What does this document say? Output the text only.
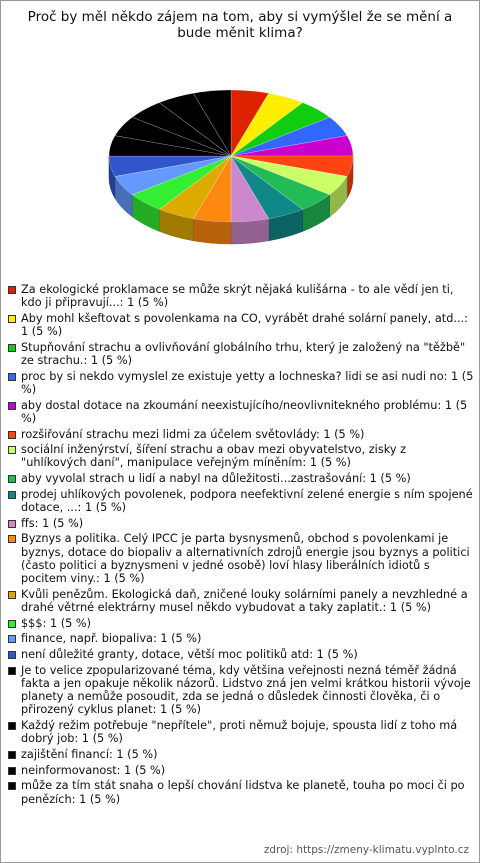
Proč by měl někdo zájem na tom, aby si vymýšlel že se mění a bude měnit klima?
Za ekologické proklamace se může skrýt nějaká kulišárna - to ale vědí jen ti, kdo ji připravují...: 1 (5 %)
Aby mohl kšeftovat s povolenkama na CO, vyrábět drahé solární panely, atd...: 1 (5 %)
Stupňování strachu a ovlivňování globálního trhu, který je založený na "těžbě" ze strachu.: 1 (5 %)
proc by si nekdo vymyslel ze existuje yetty a lochneska? lidi se asi nudi no: 1 (5 %)
aby dostal dotace na zkoumání neexistujícího/neovlivnitekného problému: 1 (5 %)
rozšiřování strachu mezi lidmi za účelem světovlády: 1 (5 %)
sociální inženýrství, šíření strachu a obav mezi obyvatelstvo, zisky z "uhlíkových daní", manipulace veřejným míněním: 1 (5 %)
aby vyvolal strach u lidí a nabyl na důležitosti...zastrašování: 1 (5 %)
prodej uhlíkových povolenek, podpora neefektivní zelené energie s ním spojené dotace, ...: 1 (5 %)
ffs: 1 (5 %)
Byznys a politika. Celý IPCC je parta bysnysmenů, obchod s povolenkami je byznys, dotace do biopaliv a alternativních zdrojů energie jsou byznys a politici (často politici a byznysmeni v jedné osobě) loví hlasy liberálních idiotů s pocitem viny.: 1 (5 %)
Kvůli penězům. Ekologická daň, zničené louky solárními panely a nevzhledné a drahé větrné elektrárny musel někdo vybudovat a taky zaplatit.: 1 (5 %)
$$$: 1 (5 %)
finance, např. biopaliva: 1 (5 %)
není důležité granty, dotace, větší moc politiků atd: 1 (5 %)
Je to velice zpopularizované téma, kdy většina veřejnosti nezná téměř žádná fakta a jen opakuje několik názorů. Lidstvo zná jen velmi krátkou historii vývoje planety a nemůže posoudit, zda se jedná o důsledek činnosti člověka, či o přirozený cyklus planet: 1 (5 %)
Každý režim potřebuje "nepřítele", proti němuž bojuje, spousta lidí z toho má dobrý job: 1 (5 %)
zajištění financí: 1 (5 %)
neinformovanost: 1 (5 %)
může za tím stát snaha o lepší chování lidstva ke planetě, touha po moci či po penězích: 1 (5 %)
zdroj: https://zmeny-klimatu.vyplnto.cz
